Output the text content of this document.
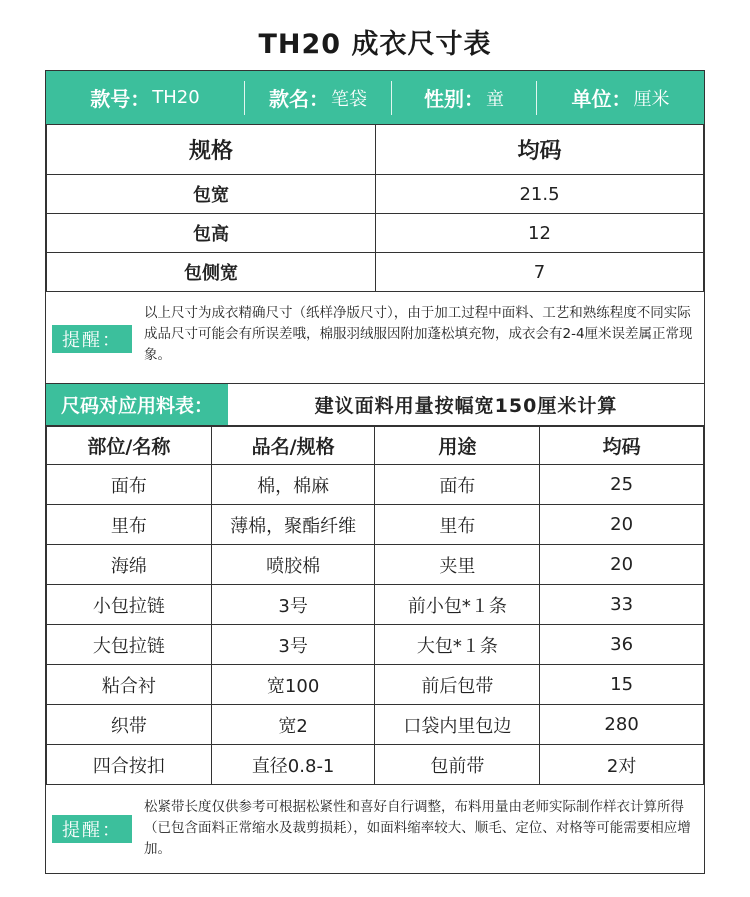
TH20 成衣尺寸表
款号： TH20	款名： 笔袋	性别： 童	单位： 厘米
规格	均码
包宽	21.5
包高	12
包侧宽	7
提醒：
以上尺寸为成衣精确尺寸（纸样净版尺寸），由于加工过程中面料、工艺和熟练程度不同实际成品尺寸可能会有所误差哦，棉服羽绒服因附加蓬松填充物，成衣会有2-4厘米误差属正常现象。
尺码对应用料表：	建议面料用量按幅宽150厘米计算
部位/名称	品名/规格	用途	均码
面布	棉，棉麻	面布	25
里布	薄棉，聚酯纤维	里布	20
海绵	喷胶棉	夹里	20
小包拉链	3号	前小包*１条	33
大包拉链	3号	大包*１条	36
粘合衬	宽100	前后包带	15
织带	宽2	口袋内里包边	280
四合按扣	直径0.8-1	包前带	2对
提醒：
松紧带长度仅供参考可根据松紧性和喜好自行调整，布料用量由老师实际制作样衣计算所得（已包含面料正常缩水及裁剪损耗），如面料缩率较大、顺毛、定位、对格等可能需要相应增加。
